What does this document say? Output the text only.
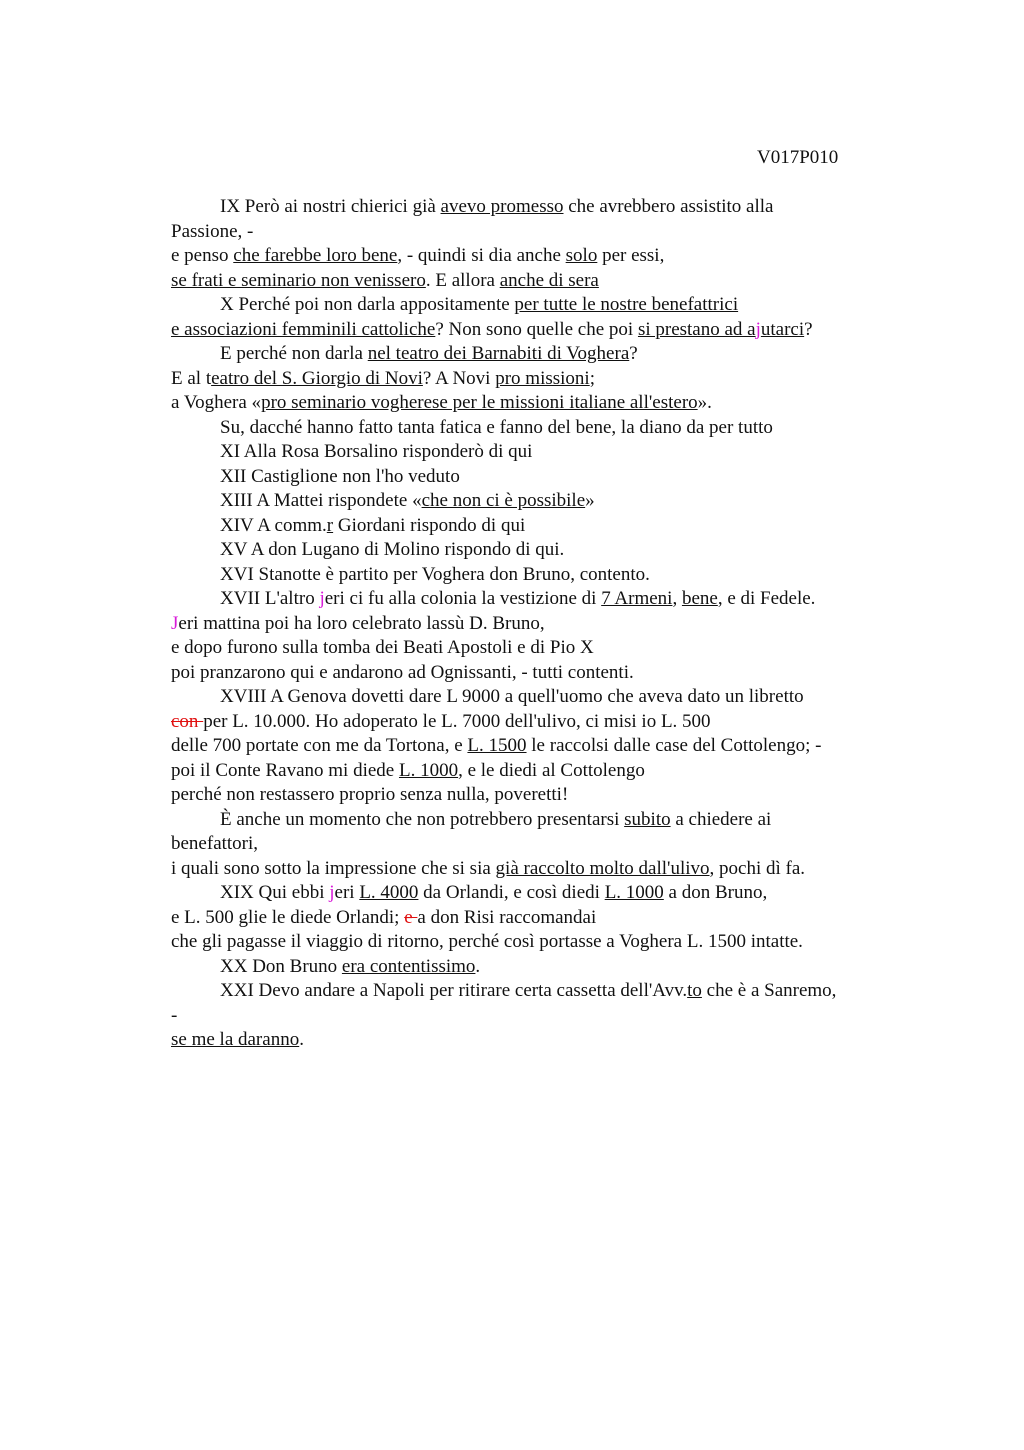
V017P010
IX Però ai nostri chierici già avevo promesso che avrebbero assistito alla
Passione, -
e penso che farebbe loro bene, - quindi si dia anche solo per essi,
se frati e seminario non venissero. E allora anche di sera
X Perché poi non darla appositamente per tutte le nostre benefattrici
e associazioni femminili cattoliche? Non sono quelle che poi si prestano ad ajutarci?
E perché non darla nel teatro dei Barnabiti di Voghera?
E al teatro del S. Giorgio di Novi? A Novi pro missioni;
a Voghera «pro seminario vogherese per le missioni italiane all'estero».
Su, dacché hanno fatto tanta fatica e fanno del bene, la diano da per tutto
XI Alla Rosa Borsalino risponderò di qui
XII Castiglione non l'ho veduto
XIII A Mattei rispondete «che non ci è possibile»
XIV A comm.r Giordani rispondo di qui
XV A don Lugano di Molino rispondo di qui.
XVI Stanotte è partito per Voghera don Bruno, contento.
XVII L'altro jeri ci fu alla colonia la vestizione di 7 Armeni, bene, e di Fedele.
Jeri mattina poi ha loro celebrato lassù D. Bruno,
e dopo furono sulla tomba dei Beati Apostoli e di Pio X
poi pranzarono qui e andarono ad Ognissanti, - tutti contenti.
XVIII A Genova dovetti dare L 9000 a quell'uomo che aveva dato un libretto
con per L. 10.000. Ho adoperato le L. 7000 dell'ulivo, ci misi io L. 500
delle 700 portate con me da Tortona, e L. 1500 le raccolsi dalle case del Cottolengo; -
poi il Conte Ravano mi diede L. 1000, e le diedi al Cottolengo
perché non restassero proprio senza nulla, poveretti!
È anche un momento che non potrebbero presentarsi subito a chiedere ai
benefattori,
i quali sono sotto la impressione che si sia già raccolto molto dall'ulivo, pochi dì fa.
XIX Qui ebbi jeri L. 4000 da Orlandi, e così diedi L. 1000 a don Bruno,
e L. 500 glie le diede Orlandi; e a don Risi raccomandai
che gli pagasse il viaggio di ritorno, perché così portasse a Voghera L. 1500 intatte.
XX Don Bruno era contentissimo.
XXI Devo andare a Napoli per ritirare certa cassetta dell'Avv.to che è a Sanremo,
-
se me la daranno.
